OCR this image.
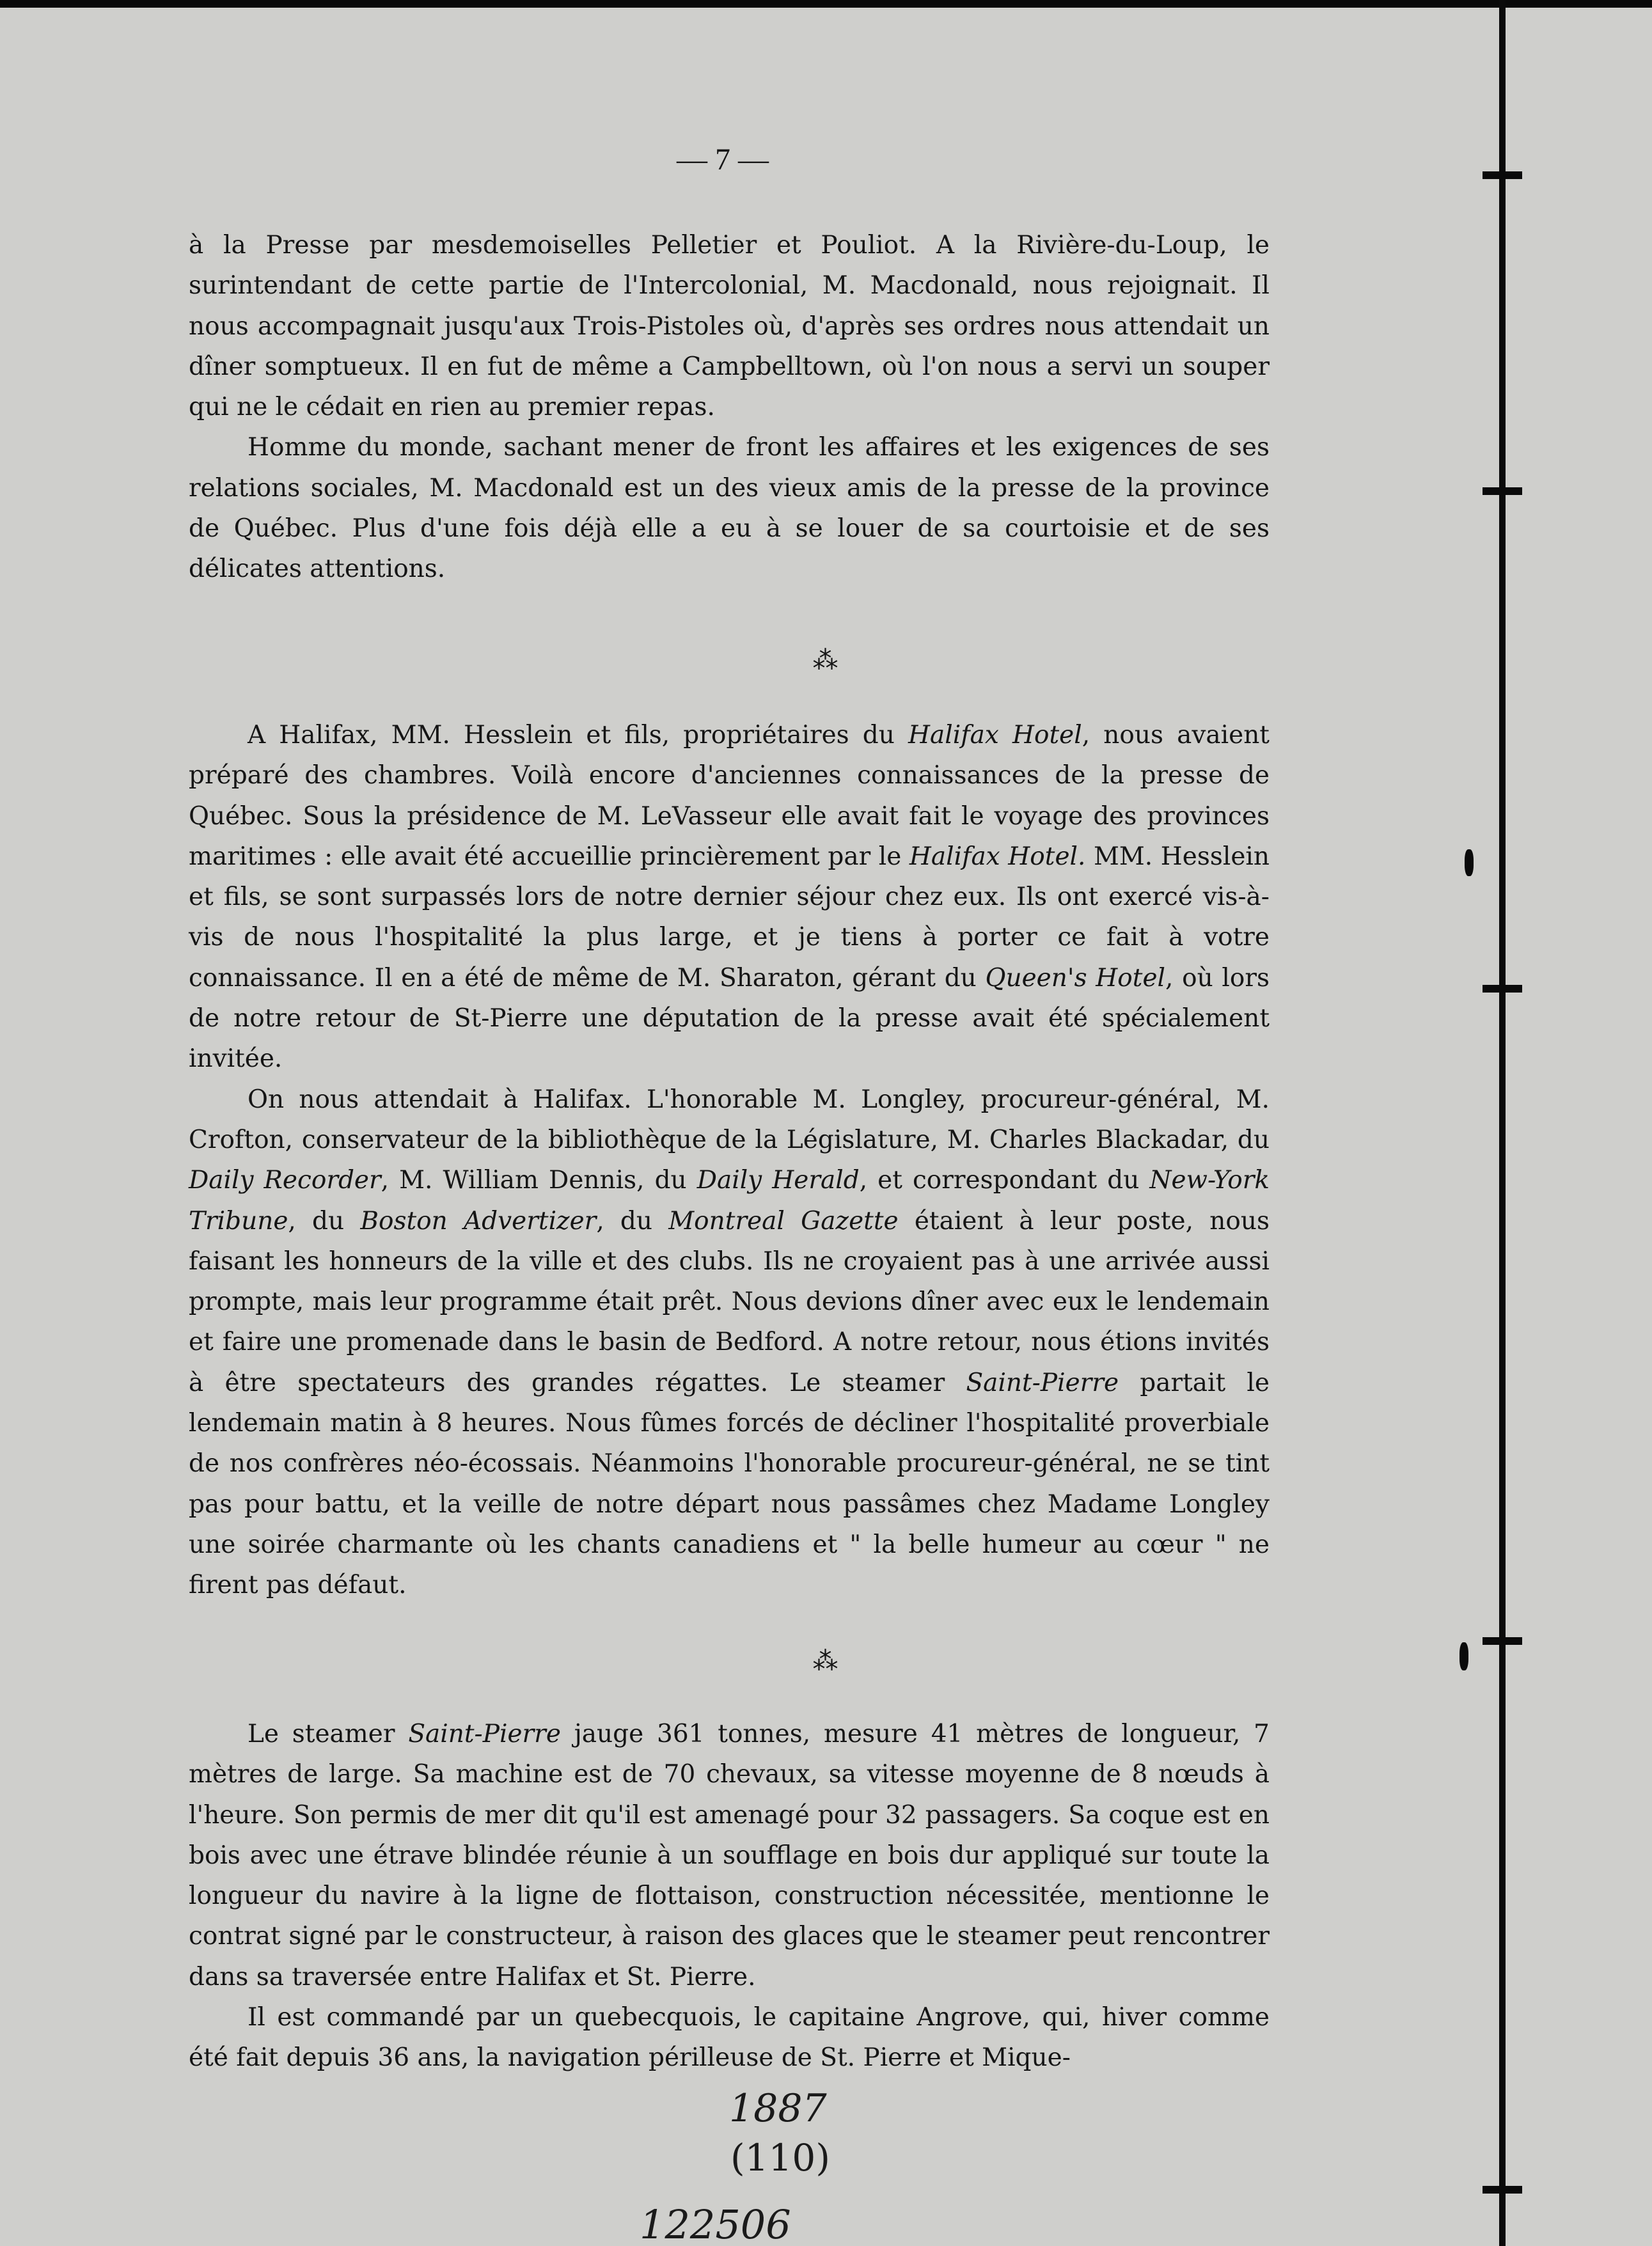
— 7 —

à la Presse par mesdemoiselles Pelletier et Pouliot. A la Rivière-du-Loup, le surintendant de cette partie de l'Intercolonial, M. Macdonald, nous rejoignait. Il nous accompagnait jusqu'aux Trois-Pistoles où, d'après ses ordres nous attendait un dîner somptueux. Il en fut de même a Campbelltown, où l'on nous a servi un souper qui ne le cédait en rien au premier repas.

Homme du monde, sachant mener de front les affaires et les exigences de ses relations sociales, M. Macdonald est un des vieux amis de la presse de la province de Québec. Plus d'une fois déjà elle a eu à se louer de sa courtoisie et de ses délicates attentions.

⁂

A Halifax, MM. Hesslein et fils, propriétaires du Halifax Hotel, nous avaient préparé des chambres. Voilà encore d'anciennes connaissances de la presse de Québec. Sous la présidence de M. LeVasseur elle avait fait le voyage des provinces maritimes : elle avait été accueillie princièrement par le Halifax Hotel. MM. Hesslein et fils, se sont surpassés lors de notre dernier séjour chez eux. Ils ont exercé vis-à-vis de nous l'hospitalité la plus large, et je tiens à porter ce fait à votre connaissance. Il en a été de même de M. Sharaton, gérant du Queen's Hotel, où lors de notre retour de St-Pierre une députation de la presse avait été spécialement invitée.

On nous attendait à Halifax. L'honorable M. Longley, procureur-général, M. Crofton, conservateur de la bibliothèque de la Législature, M. Charles Blackadar, du Daily Recorder, M. William Dennis, du Daily Herald, et correspondant du New-York Tribune, du Boston Advertizer, du Montreal Gazette étaient à leur poste, nous faisant les honneurs de la ville et des clubs. Ils ne croyaient pas à une arrivée aussi prompte, mais leur programme était prêt. Nous devions dîner avec eux le lendemain et faire une promenade dans le basin de Bedford. A notre retour, nous étions invités à être spectateurs des grandes régattes. Le steamer Saint-Pierre partait le lendemain matin à 8 heures. Nous fûmes forcés de décliner l'hospitalité proverbiale de nos confrères néo-écossais. Néanmoins l'honorable procureur-général, ne se tint pas pour battu, et la veille de notre départ nous passâmes chez Madame Longley une soirée charmante où les chants canadiens et " la belle humeur au cœur " ne firent pas défaut.

⁂

Le steamer Saint-Pierre jauge 361 tonnes, mesure 41 mètres de longueur, 7 mètres de large. Sa machine est de 70 chevaux, sa vitesse moyenne de 8 nœuds à l'heure. Son permis de mer dit qu'il est amenagé pour 32 passagers. Sa coque est en bois avec une étrave blindée réunie à un soufflage en bois dur appliqué sur toute la longueur du navire à la ligne de flottaison, construction nécessitée, mentionne le contrat signé par le constructeur, à raison des glaces que le steamer peut rencontrer dans sa traversée entre Halifax et St. Pierre.

Il est commandé par un quebecquois, le capitaine Angrove, qui, hiver comme été fait depuis 36 ans, la navigation périlleuse de St. Pierre et Mique-

1887
(110)
122506
